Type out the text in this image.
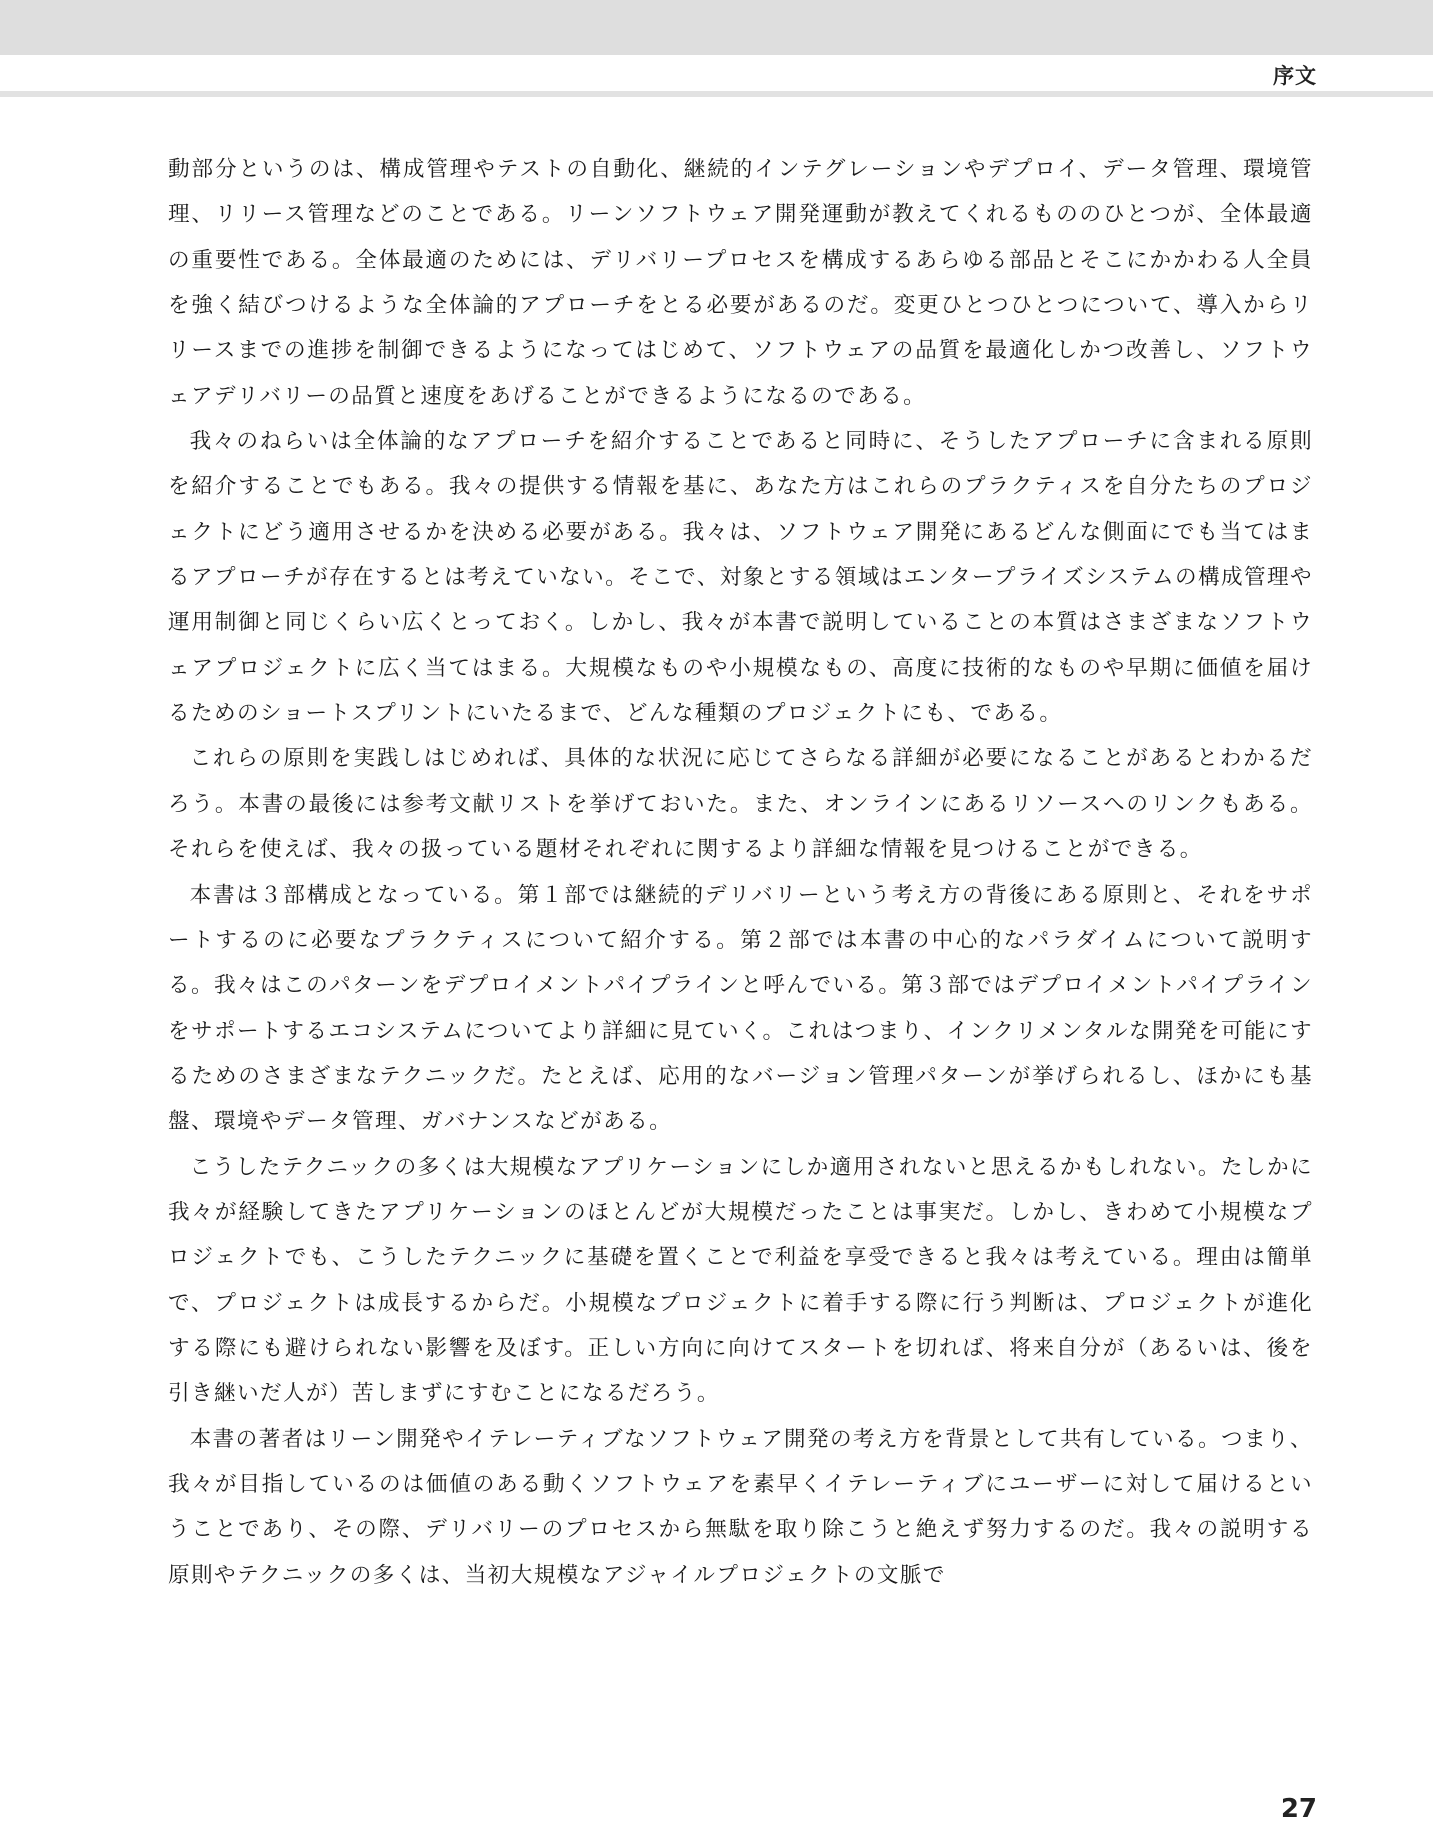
序文

動部分というのは、構成管理やテストの自動化、継続的インテグレーションやデプロイ、データ管理、環境管理、リリース管理などのことである。リーンソフトウェア開発運動が教えてくれるもののひとつが、全体最適の重要性である。全体最適のためには、デリバリープロセスを構成するあらゆる部品とそこにかかわる人全員を強く結びつけるような全体論的アプローチをとる必要があるのだ。変更ひとつひとつについて、導入からリリースまでの進捗を制御できるようになってはじめて、ソフトウェアの品質を最適化しかつ改善し、ソフトウェアデリバリーの品質と速度をあげることができるようになるのである。

我々のねらいは全体論的なアプローチを紹介することであると同時に、そうしたアプローチに含まれる原則を紹介することでもある。我々の提供する情報を基に、あなた方はこれらのプラクティスを自分たちのプロジェクトにどう適用させるかを決める必要がある。我々は、ソフトウェア開発にあるどんな側面にでも当てはまるアプローチが存在するとは考えていない。そこで、対象とする領域はエンタープライズシステムの構成管理や運用制御と同じくらい広くとっておく。しかし、我々が本書で説明していることの本質はさまざまなソフトウェアプロジェクトに広く当てはまる。大規模なものや小規模なもの、高度に技術的なものや早期に価値を届けるためのショートスプリントにいたるまで、どんな種類のプロジェクトにも、である。

これらの原則を実践しはじめれば、具体的な状況に応じてさらなる詳細が必要になることがあるとわかるだろう。本書の最後には参考文献リストを挙げておいた。また、オンラインにあるリソースへのリンクもある。それらを使えば、我々の扱っている題材それぞれに関するより詳細な情報を見つけることができる。

本書は３部構成となっている。第１部では継続的デリバリーという考え方の背後にある原則と、それをサポートするのに必要なプラクティスについて紹介する。第２部では本書の中心的なパラダイムについて説明する。我々はこのパターンをデプロイメントパイプラインと呼んでいる。第３部ではデプロイメントパイプラインをサポートするエコシステムについてより詳細に見ていく。これはつまり、インクリメンタルな開発を可能にするためのさまざまなテクニックだ。たとえば、応用的なバージョン管理パターンが挙げられるし、ほかにも基盤、環境やデータ管理、ガバナンスなどがある。

こうしたテクニックの多くは大規模なアプリケーションにしか適用されないと思えるかもしれない。たしかに我々が経験してきたアプリケーションのほとんどが大規模だったことは事実だ。しかし、きわめて小規模なプロジェクトでも、こうしたテクニックに基礎を置くことで利益を享受できると我々は考えている。理由は簡単で、プロジェクトは成長するからだ。小規模なプロジェクトに着手する際に行う判断は、プロジェクトが進化する際にも避けられない影響を及ぼす。正しい方向に向けてスタートを切れば、将来自分が（あるいは、後を引き継いだ人が）苦しまずにすむことになるだろう。

本書の著者はリーン開発やイテレーティブなソフトウェア開発の考え方を背景として共有している。つまり、我々が目指しているのは価値のある動くソフトウェアを素早くイテレーティブにユーザーに対して届けるということであり、その際、デリバリーのプロセスから無駄を取り除こうと絶えず努力するのだ。我々の説明する原則やテクニックの多くは、当初大規模なアジャイルプロジェクトの文脈で

27
